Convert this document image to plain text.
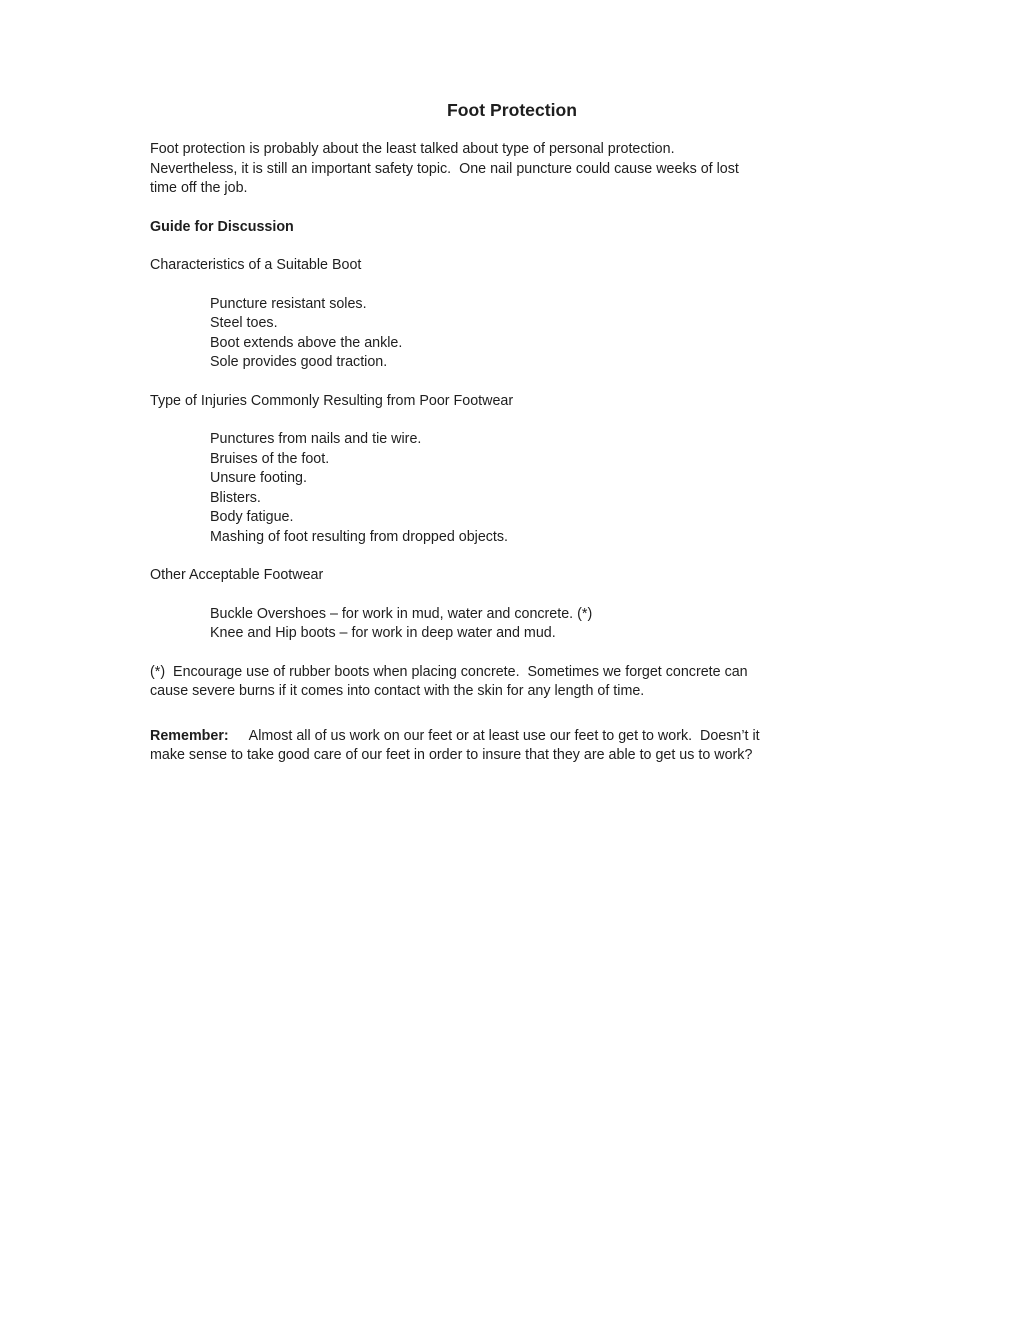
Foot Protection
Foot protection is probably about the least talked about type of personal protection.
Nevertheless, it is still an important safety topic.  One nail puncture could cause weeks of lost
time off the job.
Guide for Discussion
Characteristics of a Suitable Boot
Puncture resistant soles.
Steel toes.
Boot extends above the ankle.
Sole provides good traction.
Type of Injuries Commonly Resulting from Poor Footwear
Punctures from nails and tie wire.
Bruises of the foot.
Unsure footing.
Blisters.
Body fatigue.
Mashing of foot resulting from dropped objects.
Other Acceptable Footwear
Buckle Overshoes – for work in mud, water and concrete. (*)
Knee and Hip boots – for work in deep water and mud.
(*)  Encourage use of rubber boots when placing concrete.  Sometimes we forget concrete can
cause severe burns if it comes into contact with the skin for any length of time.
Remember: Almost all of us work on our feet or at least use our feet to get to work.  Doesn’t it
make sense to take good care of our feet in order to insure that they are able to get us to work?
